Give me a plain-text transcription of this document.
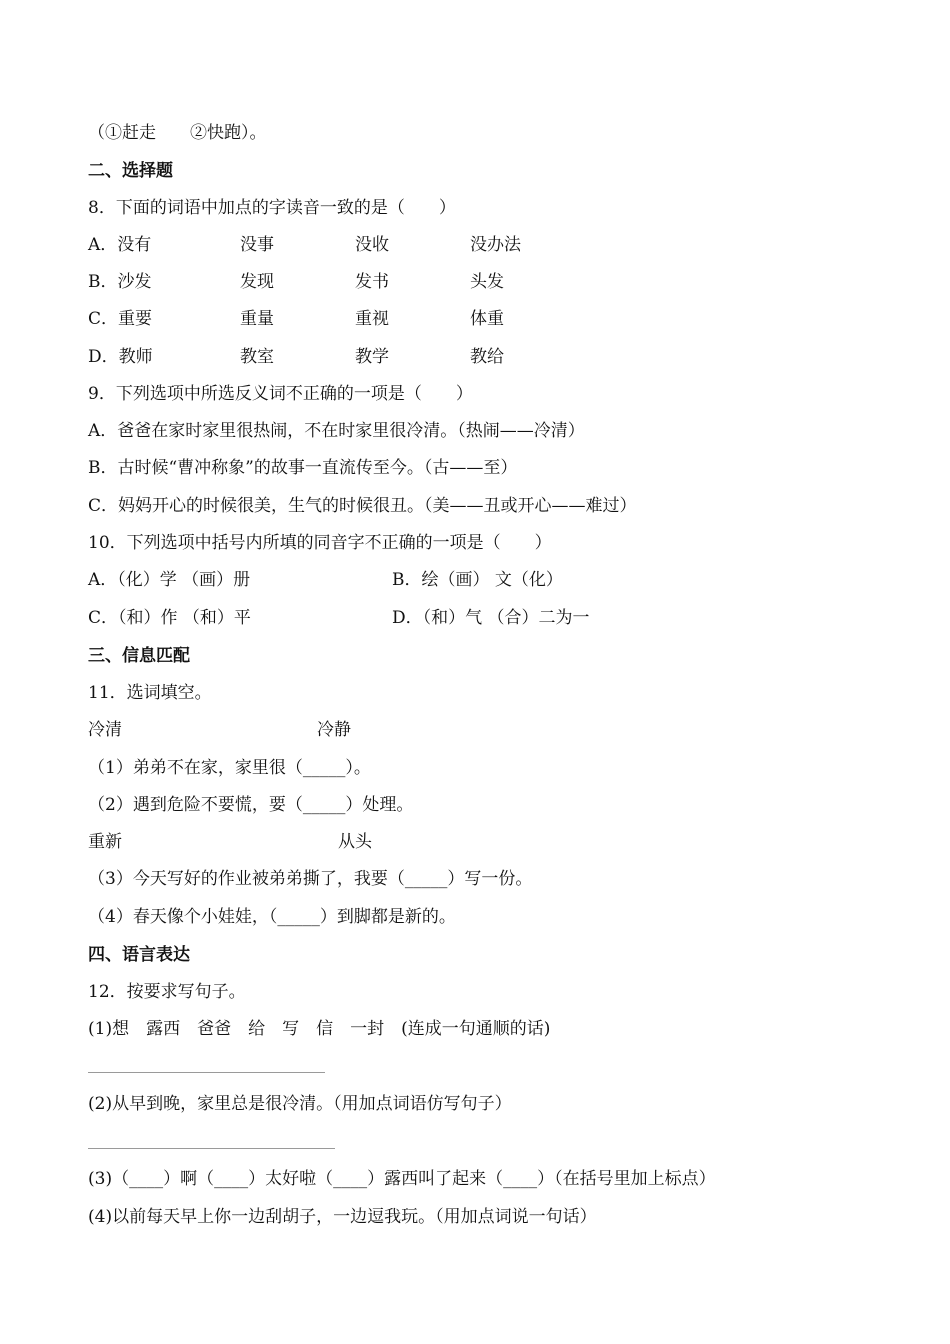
（①赶走　　②快跑）。
二、选择题
8．下面的词语中加点的字读音一致的是（　　）
A．没有	没事	没收	没办法
B．沙发	发现	发书	头发
C．重要	重量	重视	体重
D．教师	教室	教学	教给
9．下列选项中所选反义词不正确的一项是（　　）
A．爸爸在家时家里很热闹，不在时家里很冷清。（热闹——冷清）
B．古时候“曹冲称象”的故事一直流传至今。（古——至）
C．妈妈开心的时候很美，生气的时候很丑。（美——丑或开心——难过）
10．下列选项中括号内所填的同音字不正确的一项是（　　）
A．（化）学 （画）册	B．绘（画） 文（化）
C．（和）作 （和）平	D．（和）气 （合）二为一
三、信息匹配
11．选词填空。
冷清	冷静
（1）弟弟不在家，家里很（_____）。
（2）遇到危险不要慌，要（_____）处理。
重新	从头
（3）今天写好的作业被弟弟撕了，我要（_____）写一份。
（4）春天像个小娃娃，（_____）到脚都是新的。
四、语言表达
12．按要求写句子。
(1)想　露西　爸爸　给　写　信　一封　(连成一句通顺的话)
(2)从早到晚，家里总是很冷清。（用加点词语仿写句子）
(3)（____）啊（____）太好啦（____）露西叫了起来（____）（在括号里加上标点）
(4)以前每天早上你一边刮胡子，一边逗我玩。（用加点词说一句话）
